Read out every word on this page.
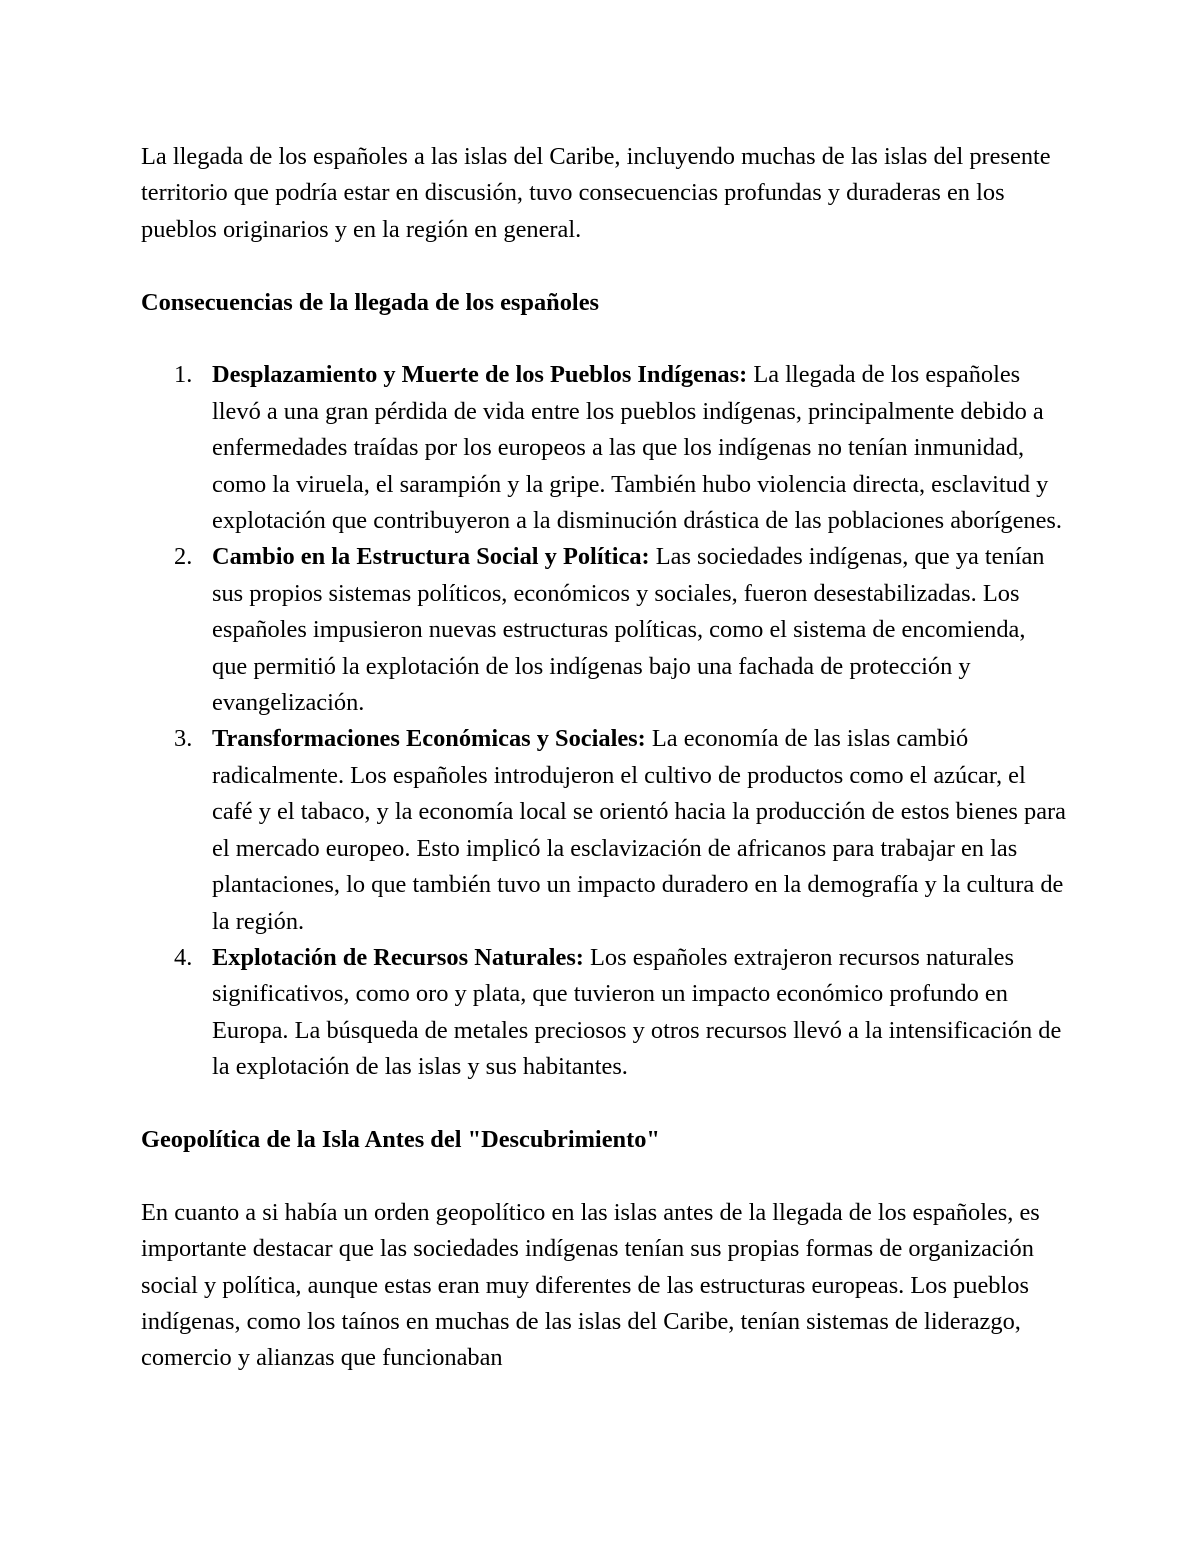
La llegada de los españoles a las islas del Caribe, incluyendo muchas de las islas del presente territorio que podría estar en discusión, tuvo consecuencias profundas y duraderas en los pueblos originarios y en la región en general.

Consecuencias de la llegada de los españoles

1. Desplazamiento y Muerte de los Pueblos Indígenas: La llegada de los españoles llevó a una gran pérdida de vida entre los pueblos indígenas, principalmente debido a enfermedades traídas por los europeos a las que los indígenas no tenían inmunidad, como la viruela, el sarampión y la gripe. También hubo violencia directa, esclavitud y explotación que contribuyeron a la disminución drástica de las poblaciones aborígenes.
2. Cambio en la Estructura Social y Política: Las sociedades indígenas, que ya tenían sus propios sistemas políticos, económicos y sociales, fueron desestabilizadas. Los españoles impusieron nuevas estructuras políticas, como el sistema de encomienda, que permitió la explotación de los indígenas bajo una fachada de protección y evangelización.
3. Transformaciones Económicas y Sociales: La economía de las islas cambió radicalmente. Los españoles introdujeron el cultivo de productos como el azúcar, el café y el tabaco, y la economía local se orientó hacia la producción de estos bienes para el mercado europeo. Esto implicó la esclavización de africanos para trabajar en las plantaciones, lo que también tuvo un impacto duradero en la demografía y la cultura de la región.
4. Explotación de Recursos Naturales: Los españoles extrajeron recursos naturales significativos, como oro y plata, que tuvieron un impacto económico profundo en Europa. La búsqueda de metales preciosos y otros recursos llevó a la intensificación de la explotación de las islas y sus habitantes.

Geopolítica de la Isla Antes del "Descubrimiento"

En cuanto a si había un orden geopolítico en las islas antes de la llegada de los españoles, es importante destacar que las sociedades indígenas tenían sus propias formas de organización social y política, aunque estas eran muy diferentes de las estructuras europeas. Los pueblos indígenas, como los taínos en muchas de las islas del Caribe, tenían sistemas de liderazgo, comercio y alianzas que funcionaban
